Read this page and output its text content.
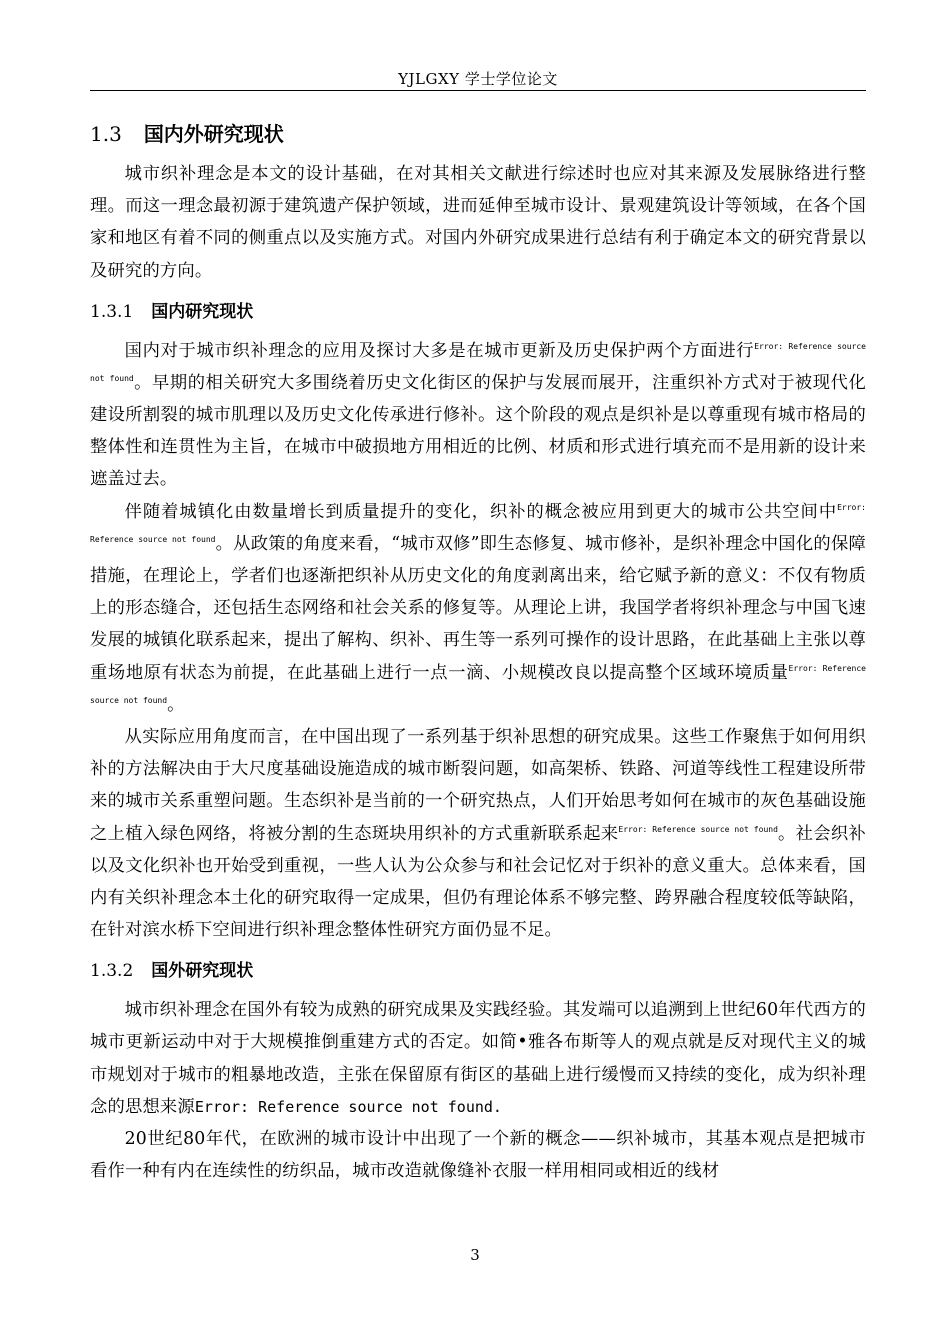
YJLGXY 学士学位论文
1.3 国内外研究现状

城市织补理念是本文的设计基础，在对其相关文献进行综述时也应对其来源及发展脉络进行整理。而这一理念最初源于建筑遗产保护领域，进而延伸至城市设计、景观建筑设计等领域，在各个国家和地区有着不同的侧重点以及实施方式。对国内外研究成果进行总结有利于确定本文的研究背景以及研究的方向。

1.3.1 国内研究现状

国内对于城市织补理念的应用及探讨大多是在城市更新及历史保护两个方面进行$^{Error: Reference source not found}$。早期的相关研究大多围绕着历史文化街区的保护与发展而展开，注重织补方式对于被现代化建设所割裂的城市肌理以及历史文化传承进行修补。这个阶段的观点是织补是以尊重现有城市格局的整体性和连贯性为主旨，在城市中破损地方用相近的比例、材质和形式进行填充而不是用新的设计来遮盖过去。

伴随着城镇化由数量增长到质量提升的变化，织补的概念被应用到更大的城市公共空间中$^{Error: Reference source not found}$。从政策的角度来看，“城市双修”即生态修复、城市修补，是织补理念中国化的保障措施，在理论上，学者们也逐渐把织补从历史文化的角度剥离出来，给它赋予新的意义：不仅有物质上的形态缝合，还包括生态网络和社会关系的修复等。从理论上讲，我国学者将织补理念与中国飞速发展的城镇化联系起来，提出了解构、织补、再生等一系列可操作的设计思路，在此基础上主张以尊重场地原有状态为前提，在此基础上进行一点一滴、小规模改良以提高整个区域环境质量$^{Error: Reference source not found}$。

从实际应用角度而言，在中国出现了一系列基于织补思想的研究成果。这些工作聚焦于如何用织补的方法解决由于大尺度基础设施造成的城市断裂问题，如高架桥、铁路、河道等线性工程建设所带来的城市关系重塑问题。生态织补是当前的一个研究热点，人们开始思考如何在城市的灰色基础设施之上植入绿色网络，将被分割的生态斑块用织补的方式重新联系起来$^{Error: Reference source not found}$。社会织补以及文化织补也开始受到重视，一些人认为公众参与和社会记忆对于织补的意义重大。总体来看，国内有关织补理念本土化的研究取得一定成果，但仍有理论体系不够完整、跨界融合程度较低等缺陷，在针对滨水桥下空间进行织补理念整体性研究方面仍显不足。

1.3.2 国外研究现状

城市织补理念在国外有较为成熟的研究成果及实践经验。其发端可以追溯到上世纪60年代西方的城市更新运动中对于大规模推倒重建方式的否定。如简•雅各布斯等人的观点就是反对现代主义的城市规划对于城市的粗暴地改造，主张在保留原有街区的基础上进行缓慢而又持续的变化，成为织补理念的思想来源Error: Reference source not found.

20世纪80年代，在欧洲的城市设计中出现了一个新的概念——织补城市，其基本观点是把城市看作一种有内在连续性的纺织品，城市改造就像缝补衣服一样用相同或相近的线材

3
